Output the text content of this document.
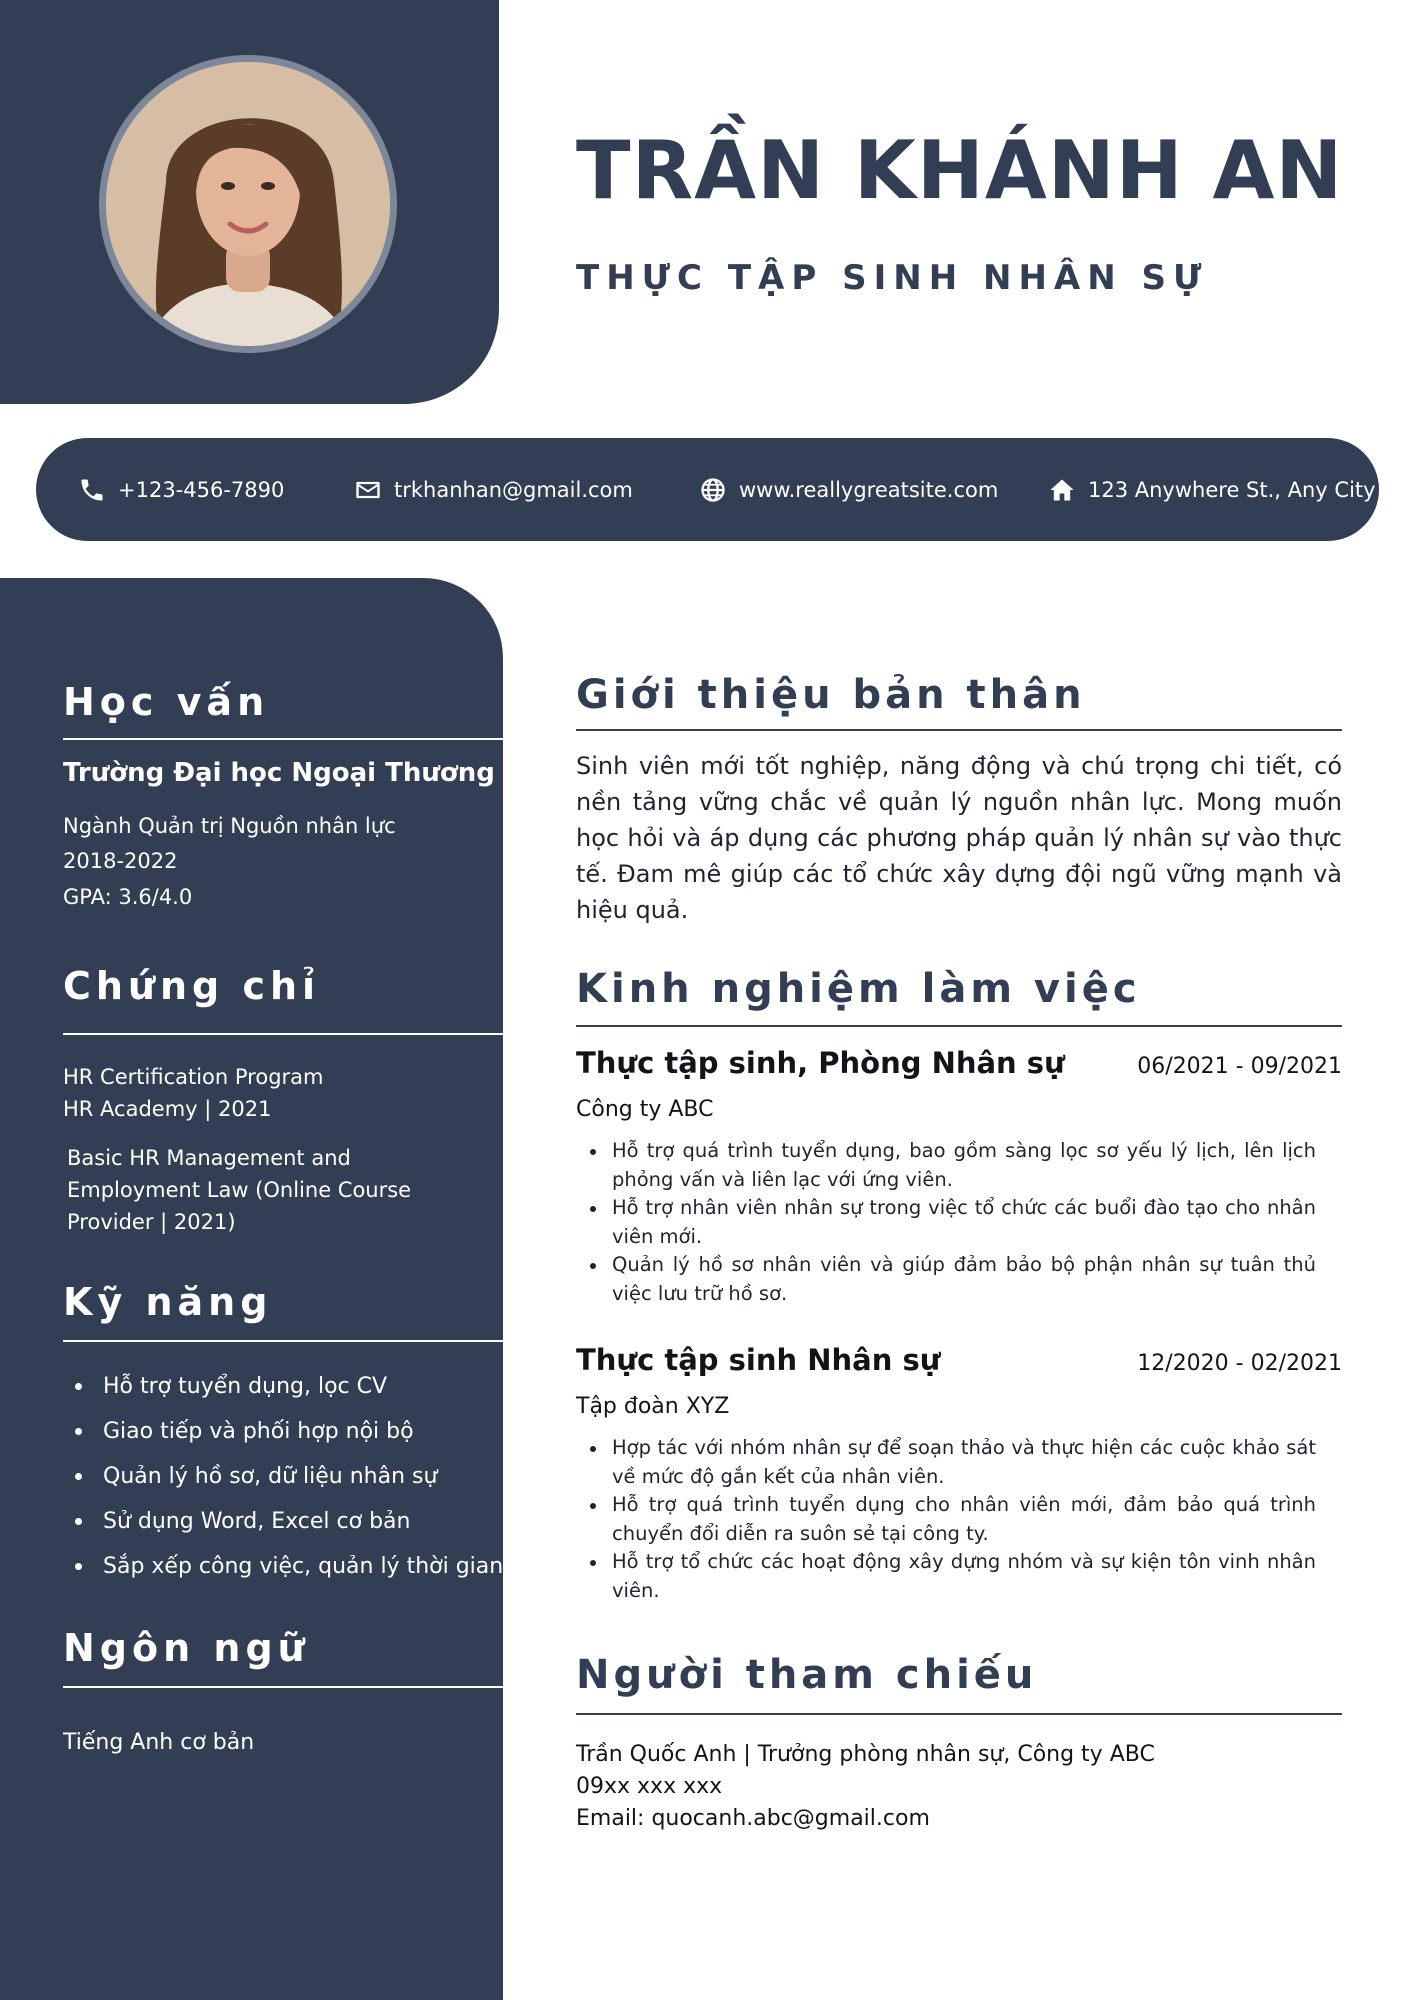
TRẦN KHÁNH AN
THỰC TẬP SINH NHÂN SỰ
+123-456-7890	trkhanhan@gmail.com	www.reallygreatsite.com	123 Anywhere St., Any City
Học vấn
Trường Đại học Ngoại Thương
Ngành Quản trị Nguồn nhân lực
2018-2022
GPA: 3.6/4.0
Chứng chỉ
HR Certification Program
HR Academy | 2021
Basic HR Management and
Employment Law (Online Course
Provider | 2021)
Kỹ năng
Hỗ trợ tuyển dụng, lọc CV
Giao tiếp và phối hợp nội bộ
Quản lý hồ sơ, dữ liệu nhân sự
Sử dụng Word, Excel cơ bản
Sắp xếp công việc, quản lý thời gian
Ngôn ngữ
Tiếng Anh cơ bản
Giới thiệu bản thân
Sinh viên mới tốt nghiệp, năng động và chú trọng chi tiết, có nền tảng vững chắc về quản lý nguồn nhân lực. Mong muốn học hỏi và áp dụng các phương pháp quản lý nhân sự vào thực tế. Đam mê giúp các tổ chức xây dựng đội ngũ vững mạnh và hiệu quả.
Kinh nghiệm làm việc
Thực tập sinh, Phòng Nhân sự	06/2021 - 09/2021
Công ty ABC
Hỗ trợ quá trình tuyển dụng, bao gồm sàng lọc sơ yếu lý lịch, lên lịch phỏng vấn và liên lạc với ứng viên.
Hỗ trợ nhân viên nhân sự trong việc tổ chức các buổi đào tạo cho nhân viên mới.
Quản lý hồ sơ nhân viên và giúp đảm bảo bộ phận nhân sự tuân thủ việc lưu trữ hồ sơ.
Thực tập sinh Nhân sự	12/2020 - 02/2021
Tập đoàn XYZ
Hợp tác với nhóm nhân sự để soạn thảo và thực hiện các cuộc khảo sát về mức độ gắn kết của nhân viên.
Hỗ trợ quá trình tuyển dụng cho nhân viên mới, đảm bảo quá trình chuyển đổi diễn ra suôn sẻ tại công ty.
Hỗ trợ tổ chức các hoạt động xây dựng nhóm và sự kiện tôn vinh nhân viên.
Người tham chiếu
Trần Quốc Anh | Trưởng phòng nhân sự, Công ty ABC
09xx xxx xxx
Email: quocanh.abc@gmail.com
